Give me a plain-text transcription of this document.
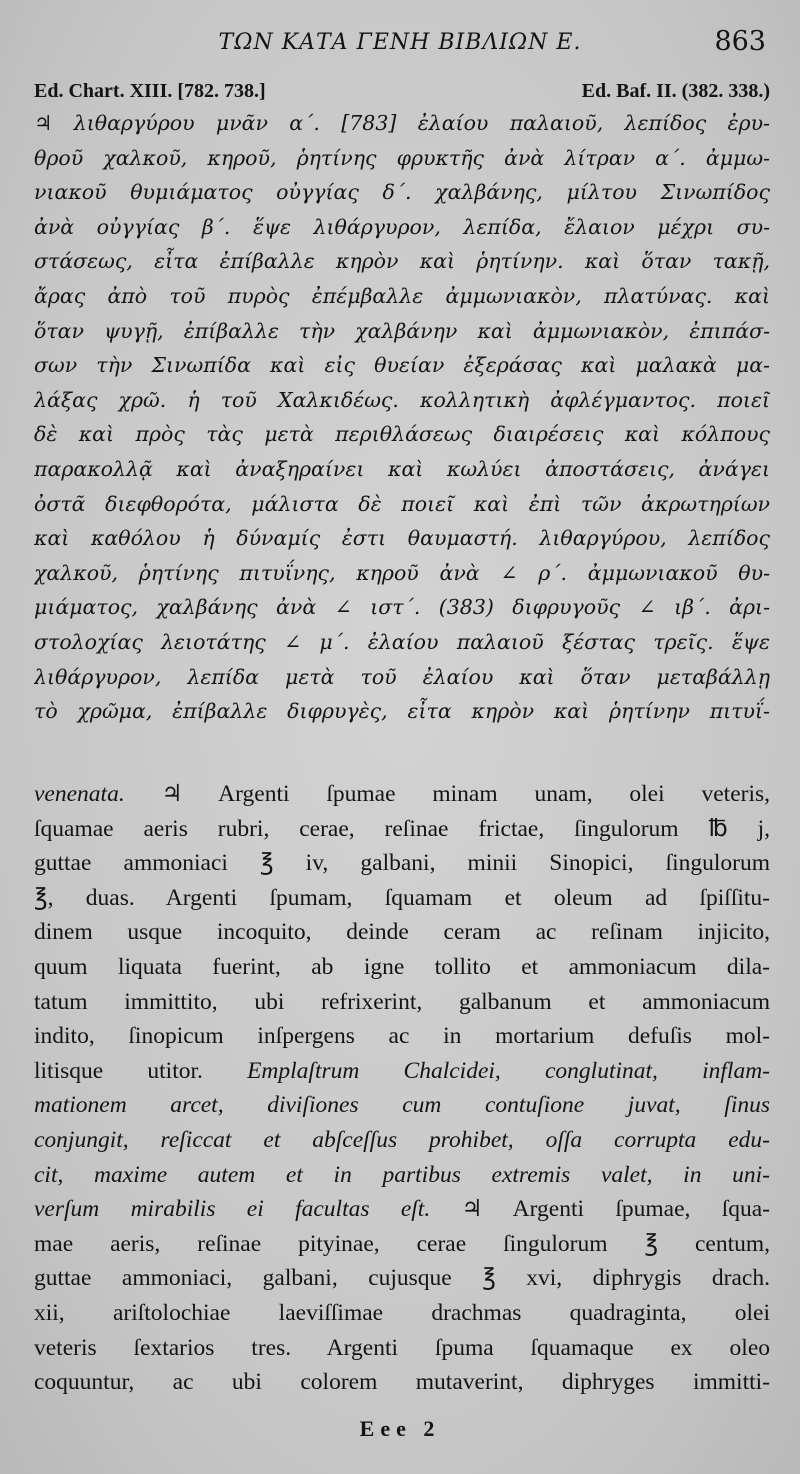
ΤΩΝ ΚΑΤΑ ΓΕΝΗ ΒΙΒΛΙΩΝ Ε.	863
Ed. Chart. XIII. [782. 738.]	Ed. Baf. II. (382. 338.)
♃ λιθαργύρου μνᾶν α΄. [783] ἐλαίου παλαιοῦ, λεπίδος ἐρυ-
θροῦ χαλκοῦ, κηροῦ, ῥητίνης φρυκτῆς ἀνὰ λίτραν α΄. ἀμμω-
νιακοῦ θυμιάματος οὐγγίας δ΄. χαλβάνης, μίλτου Σινωπίδος
ἀνὰ οὐγγίας β΄. ἕψε λιθάργυρον, λεπίδα, ἔλαιον μέχρι συ-
στάσεως, εἶτα ἐπίβαλλε κηρὸν καὶ ῥητίνην. καὶ ὅταν τακῇ,
ἄρας ἀπὸ τοῦ πυρὸς ἐπέμβαλλε ἀμμωνιακὸν, πλατύνας. καὶ
ὅταν ψυγῇ, ἐπίβαλλε τὴν χαλβάνην καὶ ἀμμωνιακὸν, ἐπιπάσ-
σων τὴν Σινωπίδα καὶ εἰς θυείαν ἐξεράσας καὶ μαλακὰ μα-
λάξας χρῶ. ἡ τοῦ Χαλκιδέως. κολλητικὴ ἀφλέγμαντος. ποιεῖ
δὲ καὶ πρὸς τὰς μετὰ περιθλάσεως διαιρέσεις καὶ κόλπους
παρακολλᾷ καὶ ἀναξηραίνει καὶ κωλύει ἀποστάσεις, ἀνάγει
ὀστᾶ διεφθορότα, μάλιστα δὲ ποιεῖ καὶ ἐπὶ τῶν ἀκρωτηρίων
καὶ καθόλου ἡ δύναμίς ἐστι θαυμαστή. λιθαργύρου, λεπίδος
χαλκοῦ, ῥητίνης πιτυΐνης, κηροῦ ἀνὰ ∠ ρ΄. ἀμμωνιακοῦ θυ-
μιάματος, χαλβάνης ἀνὰ ∠ ιστ΄. (383) διφρυγοῦς ∠ ιβ΄. ἀρι-
στολοχίας λειοτάτης ∠ μ΄. ἐλαίου παλαιοῦ ξέστας τρεῖς. ἕψε
λιθάργυρον, λεπίδα μετὰ τοῦ ἐλαίου καὶ ὅταν μεταβάλλῃ
τὸ χρῶμα, ἐπίβαλλε διφρυγὲς, εἶτα κηρὸν καὶ ῥητίνην πιτυΐ-
venenata. ♃ Argenti ſpumae minam unam, olei veteris,
ſquamae aeris rubri, cerae, reſinae frictae, ſingulorum ℔ j,
guttae ammoniaci ℥ iv, galbani, minii Sinopici, ſingulorum
℥, duas. Argenti ſpumam, ſquamam et oleum ad ſpiſſitu-
dinem usque incoquito, deinde ceram ac reſinam injicito,
quum liquata fuerint, ab igne tollito et ammoniacum dila-
tatum immittito, ubi refrixerint, galbanum et ammoniacum
indito, ſinopicum inſpergens ac in mortarium defuſis mol-
litisque utitor. Emplaſtrum Chalcidei, conglutinat, inflam-
mationem arcet, diviſiones cum contuſione juvat, ſinus
conjungit, reſiccat et abſceſſus prohibet, oſſa corrupta edu-
cit, maxime autem et in partibus extremis valet, in uni-
verſum mirabilis ei facultas eſt. ♃ Argenti ſpumae, ſqua-
mae aeris, reſinae pityinae, cerae ſingulorum ℥ centum,
guttae ammoniaci, galbani, cujusque ℥ xvi, diphrygis drach.
xii, ariſtolochiae laeviſſimae drachmas quadraginta, olei
veteris ſextarios tres. Argenti ſpuma ſquamaque ex oleo
coquuntur, ac ubi colorem mutaverint, diphryges immitti-
Eee 2
